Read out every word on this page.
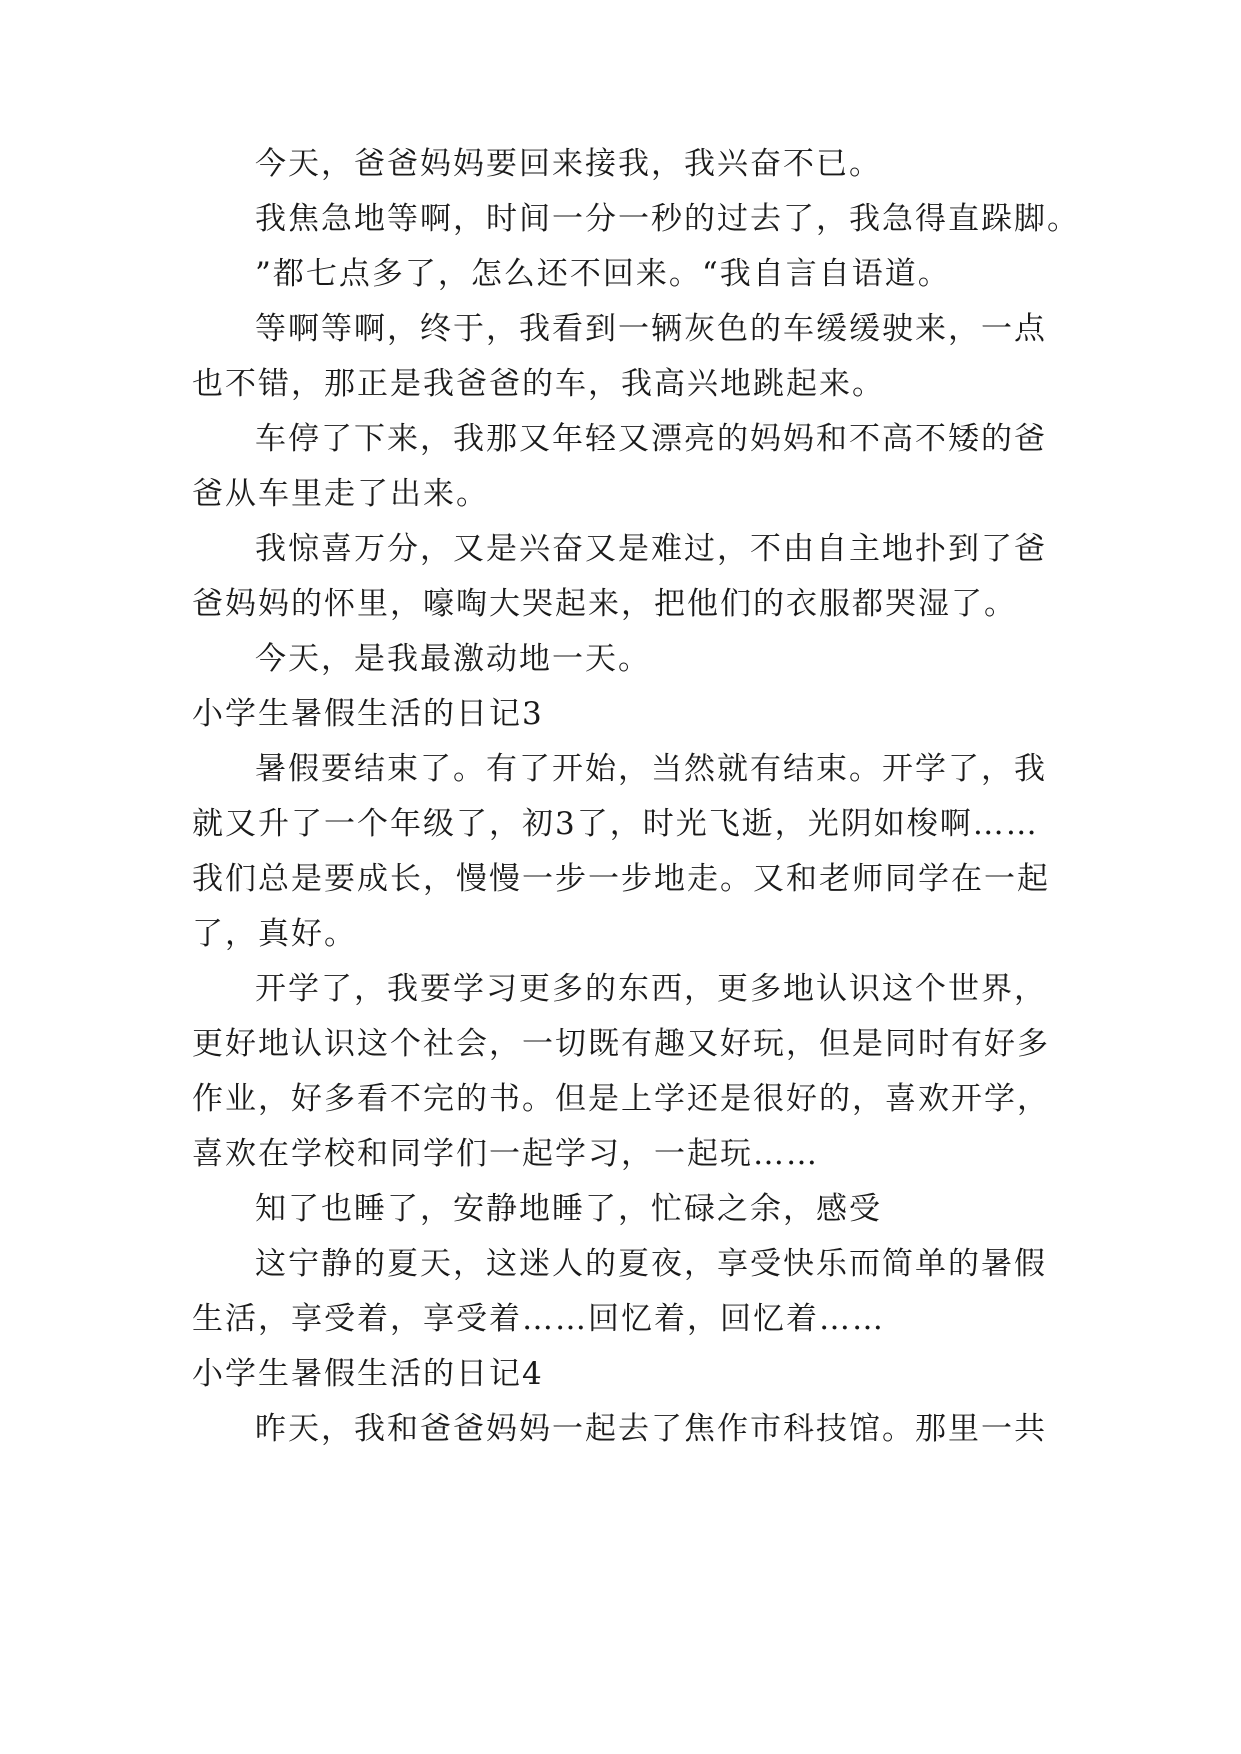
今天，爸爸妈妈要回来接我，我兴奋不已。
我焦急地等啊，时间一分一秒的过去了，我急得直跺脚。
”都七点多了，怎么还不回来。“我自言自语道。
等啊等啊，终于，我看到一辆灰色的车缓缓驶来，一点
也不错，那正是我爸爸的车，我高兴地跳起来。
车停了下来，我那又年轻又漂亮的妈妈和不高不矮的爸
爸从车里走了出来。
我惊喜万分，又是兴奋又是难过，不由自主地扑到了爸
爸妈妈的怀里，嚎啕大哭起来，把他们的衣服都哭湿了。
今天，是我最激动地一天。
小学生暑假生活的日记3
暑假要结束了。有了开始，当然就有结束。开学了，我
就又升了一个年级了，初3了，时光飞逝，光阴如梭啊……
我们总是要成长，慢慢一步一步地走。又和老师同学在一起
了，真好。
开学了，我要学习更多的东西，更多地认识这个世界，
更好地认识这个社会，一切既有趣又好玩，但是同时有好多
作业，好多看不完的书。但是上学还是很好的，喜欢开学，
喜欢在学校和同学们一起学习，一起玩……
知了也睡了，安静地睡了，忙碌之余，感受
这宁静的夏天，这迷人的夏夜，享受快乐而简单的暑假
生活，享受着，享受着……回忆着，回忆着……
小学生暑假生活的日记4
昨天，我和爸爸妈妈一起去了焦作市科技馆。那里一共
